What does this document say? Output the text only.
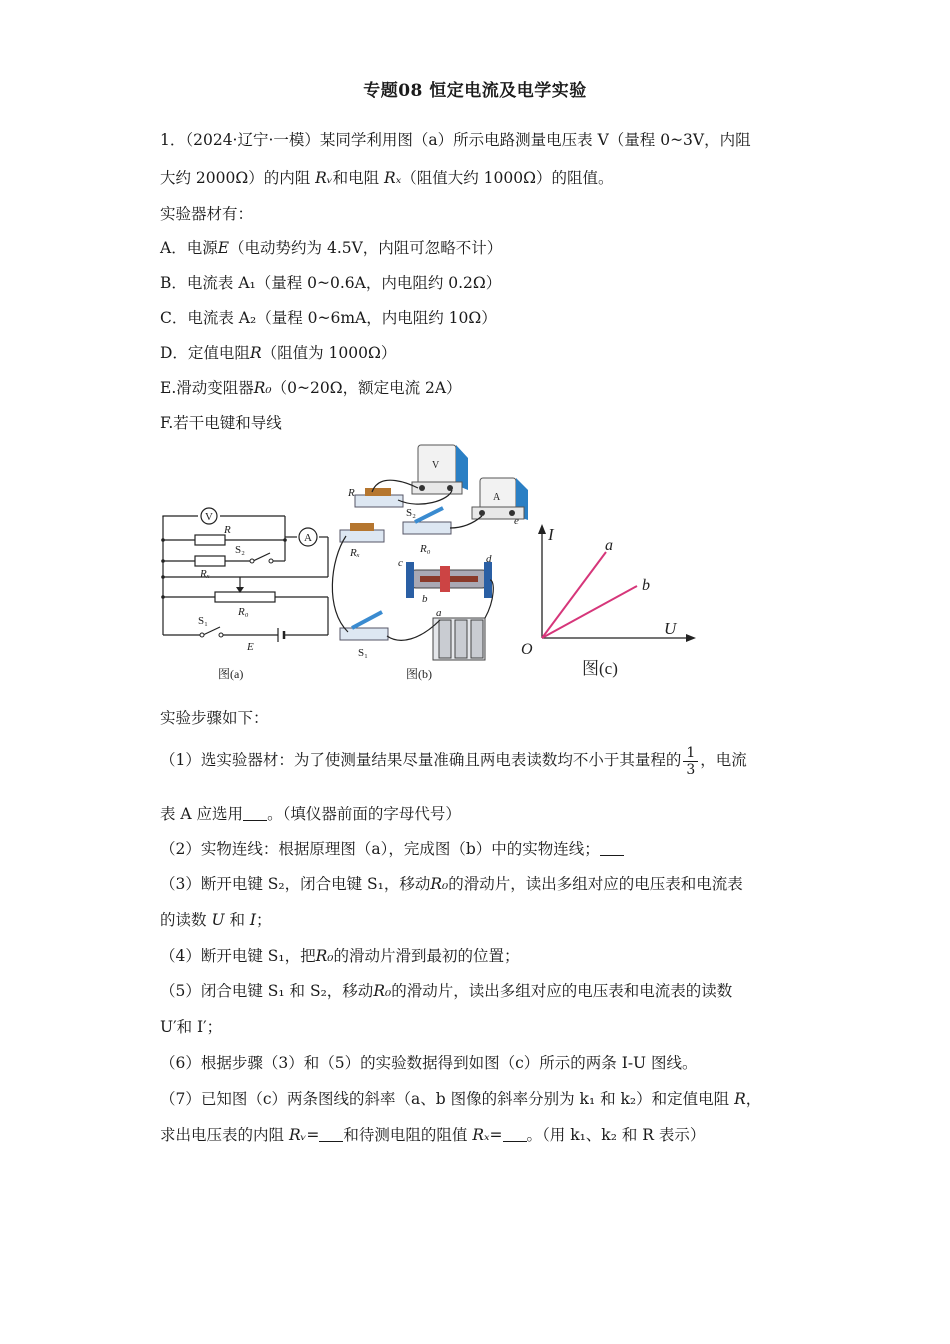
专题08 恒定电流及电学实验
1．（2024·辽宁·一模）某同学利用图（a）所示电路测量电压表 V（量程 0~3V，内阻
大约 2000Ω）的内阻 Rᵥ和电阻 Rₓ（阻值大约 1000Ω）的阻值。
实验器材有：
A．电源E（电动势约为 4.5V，内阻可忽略不计）
B．电流表 A₁（量程 0~0.6A，内电阻约 0.2Ω）
C．电流表 A₂（量程 0~6mA，内电阻约 10Ω）
D．定值电阻R（阻值为 1000Ω）
E.滑动变阻器R₀（0~20Ω，额定电流 2A）
F.若干电键和导线
V
A
R
S₂
Rₓ
R₀
S₁
E
图(a)
V
A
R
S₂
Rₓ	R₀
e
c	d
b
a
S₁
图(b)
I
U
O
a
b
图(c)
实验步骤如下：
（1）选实验器材：为了使测量结果尽量准确且两电表读数均不小于其量程的 $\frac{1}{3}$ ，电流
表 A 应选用 。（填仪器前面的字母代号）
（2）实物连线：根据原理图（a），完成图（b）中的实物连线；
（3）断开电键 S₂，闭合电键 S₁，移动R₀的滑动片，读出多组对应的电压表和电流表
的读数 U 和 I；
（4）断开电键 S₁，把R₀的滑动片滑到最初的位置；
（5）闭合电键 S₁ 和 S₂，移动R₀的滑动片，读出多组对应的电压表和电流表的读数
U′和 I′；
（6）根据步骤（3）和（5）的实验数据得到如图（c）所示的两条 I-U 图线。
（7）已知图（c）两条图线的斜率（a、b 图像的斜率分别为 k₁ 和 k₂）和定值电阻 R，
求出电压表的内阻 Rᵥ= 和待测电阻的阻值 Rₓ= 。（用 k₁、k₂ 和 R 表示）
